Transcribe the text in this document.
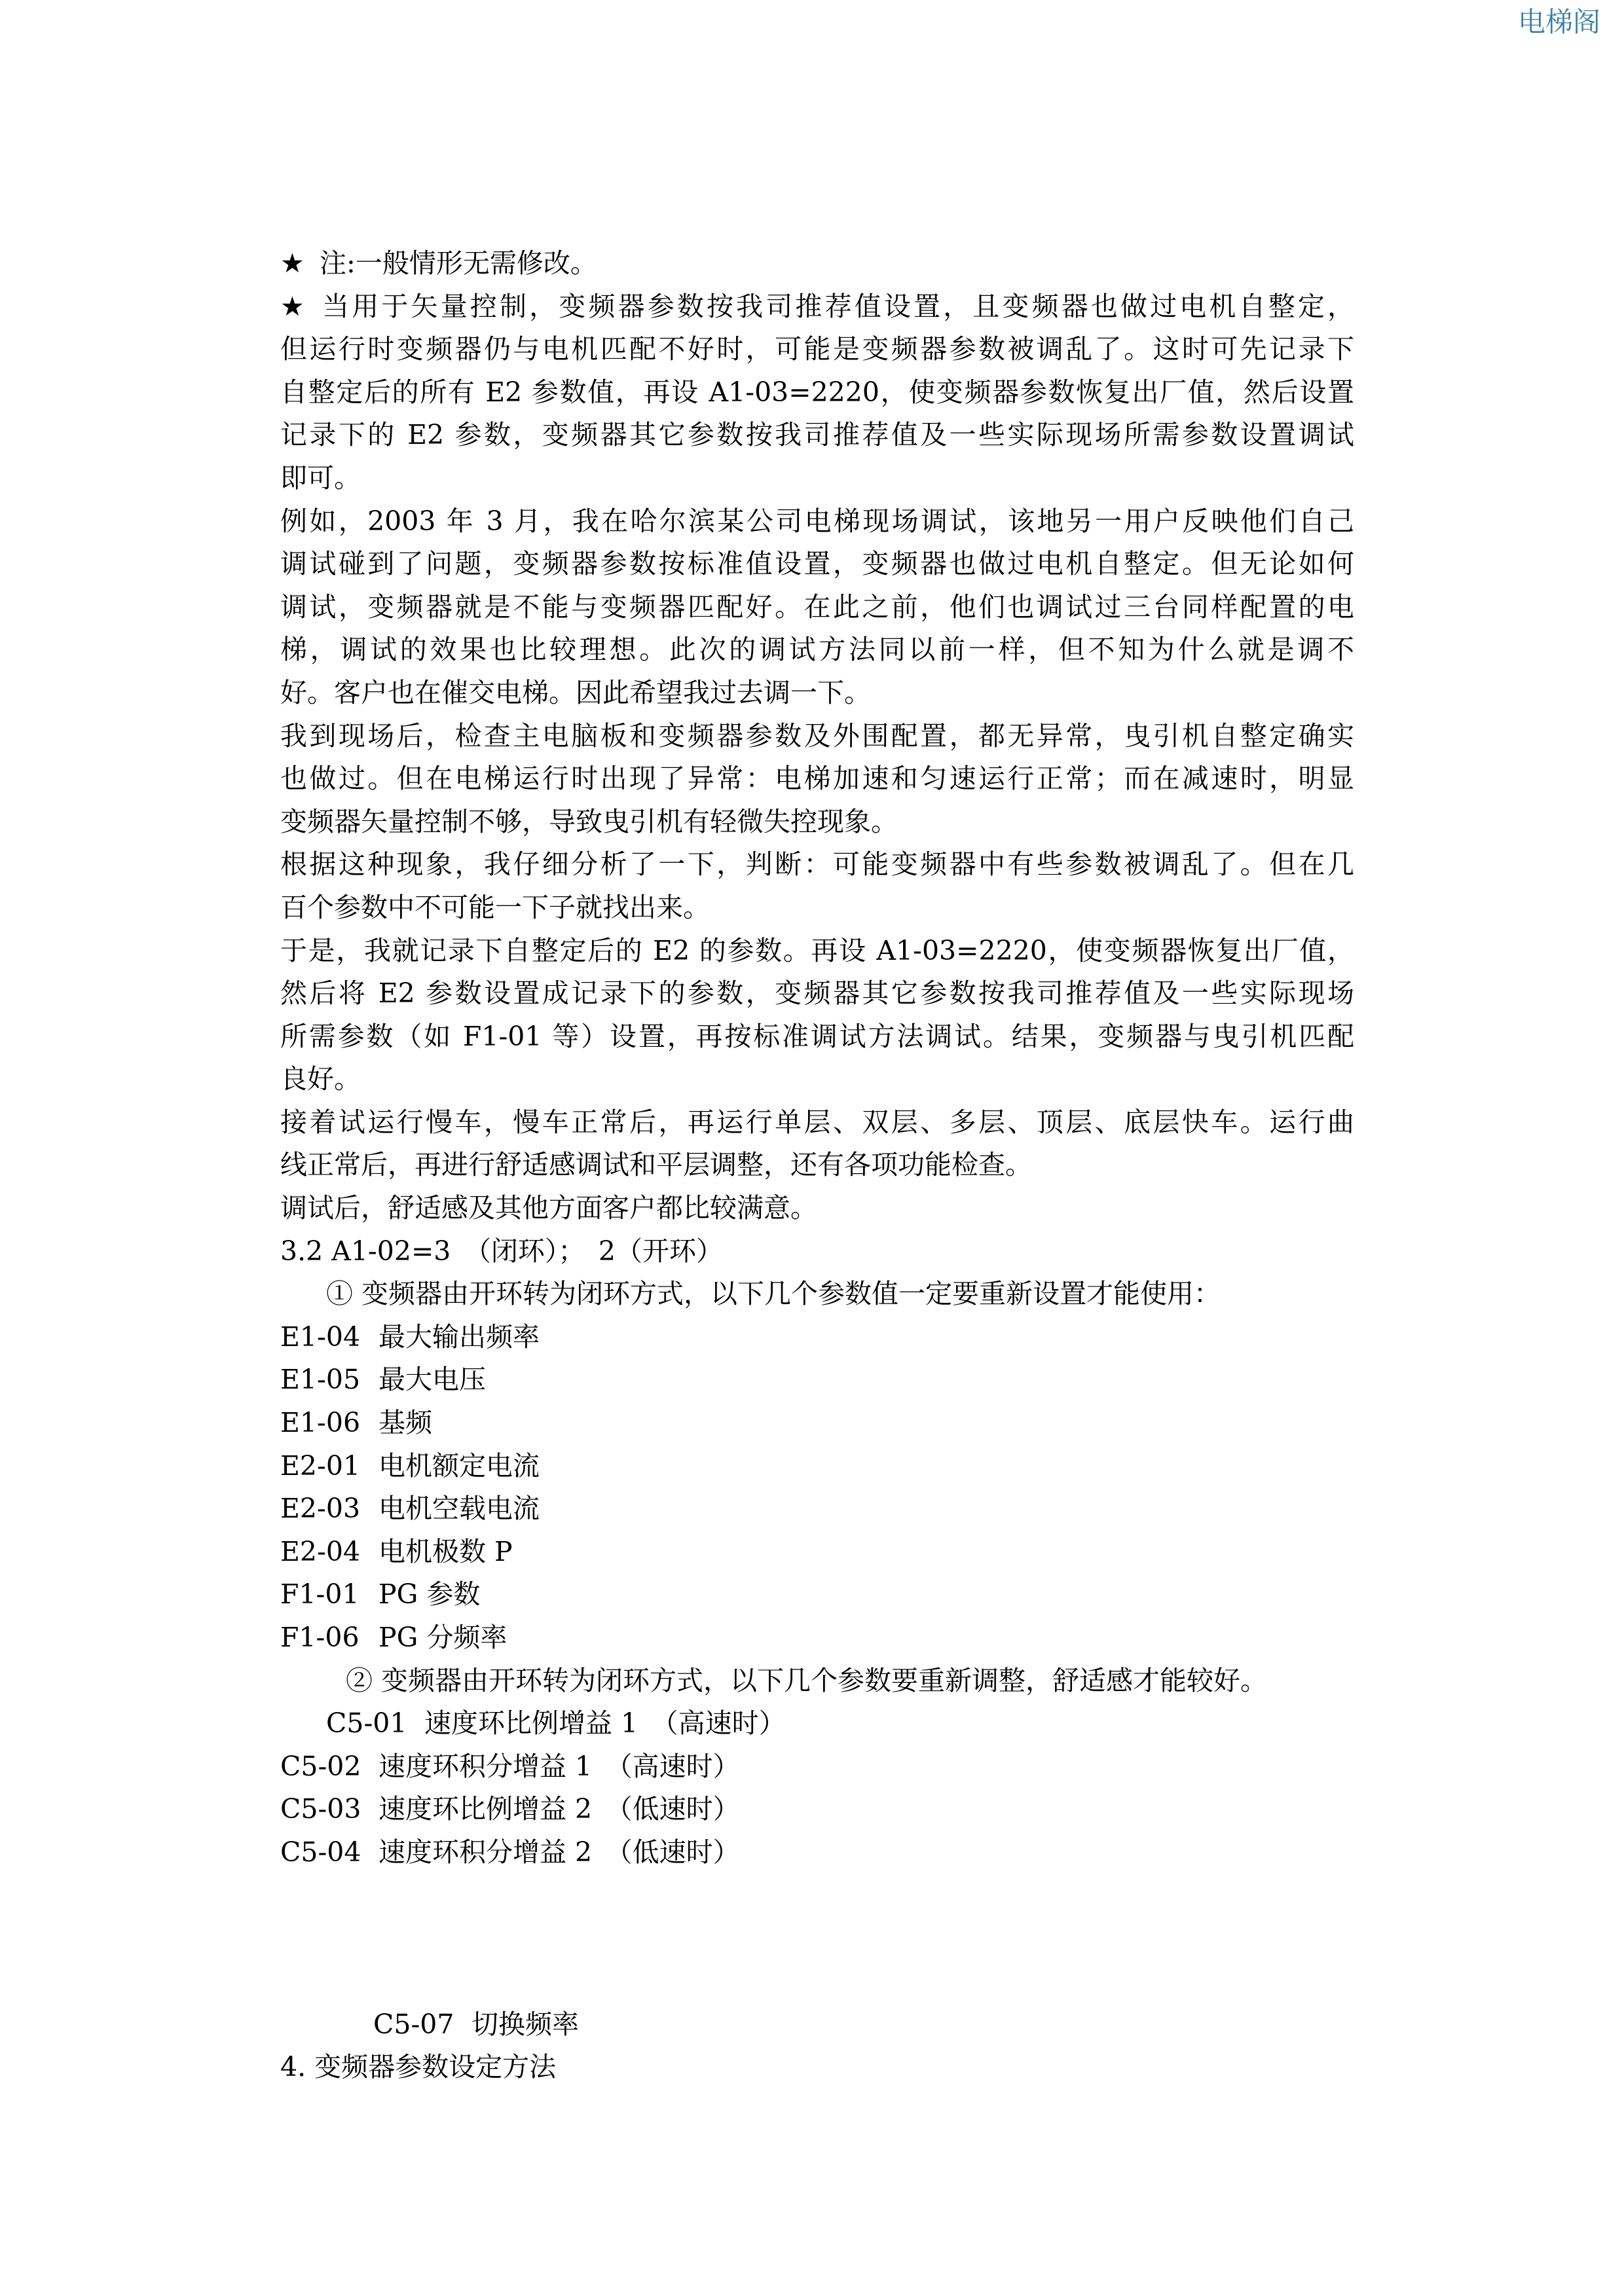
电梯阁
★ 注:一般情形无需修改。
★ 当用于矢量控制，变频器参数按我司推荐值设置，且变频器也做过电机自整定，
但运行时变频器仍与电机匹配不好时，可能是变频器参数被调乱了。这时可先记录下
自整定后的所有 E2 参数值，再设 A1-03=2220，使变频器参数恢复出厂值，然后设置
记录下的 E2 参数，变频器其它参数按我司推荐值及一些实际现场所需参数设置调试
即可。
例如，2003 年 3 月，我在哈尔滨某公司电梯现场调试，该地另一用户反映他们自己
调试碰到了问题，变频器参数按标准值设置，变频器也做过电机自整定。但无论如何
调试，变频器就是不能与变频器匹配好。在此之前，他们也调试过三台同样配置的电
梯，调试的效果也比较理想。此次的调试方法同以前一样，但不知为什么就是调不
好。客户也在催交电梯。因此希望我过去调一下。
我到现场后，检查主电脑板和变频器参数及外围配置，都无异常，曳引机自整定确实
也做过。但在电梯运行时出现了异常：电梯加速和匀速运行正常；而在减速时，明显
变频器矢量控制不够，导致曳引机有轻微失控现象。
根据这种现象，我仔细分析了一下，判断：可能变频器中有些参数被调乱了。但在几
百个参数中不可能一下子就找出来。
于是，我就记录下自整定后的 E2 的参数。再设 A1-03=2220，使变频器恢复出厂值，
然后将 E2 参数设置成记录下的参数，变频器其它参数按我司推荐值及一些实际现场
所需参数（如 F1-01 等）设置，再按标准调试方法调试。结果，变频器与曳引机匹配
良好。
接着试运行慢车，慢车正常后，再运行单层、双层、多层、顶层、底层快车。运行曲
线正常后，再进行舒适感调试和平层调整，还有各项功能检查。
调试后，舒适感及其他方面客户都比较满意。
3.2 A1-02=3　（闭环）；　2（开环）
① 变频器由开环转为闭环方式，以下几个参数值一定要重新设置才能使用：
E1-04 最大输出频率
E1-05 最大电压
E1-06 基频
E2-01 电机额定电流
E2-03 电机空载电流
E2-04 电机极数 P
F1-01 PG 参数
F1-06 PG 分频率
② 变频器由开环转为闭环方式，以下几个参数要重新调整，舒适感才能较好。
C5-01 速度环比例增益 1　（高速时）
C5-02 速度环积分增益 1　（高速时）
C5-03 速度环比例增益 2　（低速时）
C5-04 速度环积分增益 2　（低速时）
C5-07 切换频率
4. 变频器参数设定方法
